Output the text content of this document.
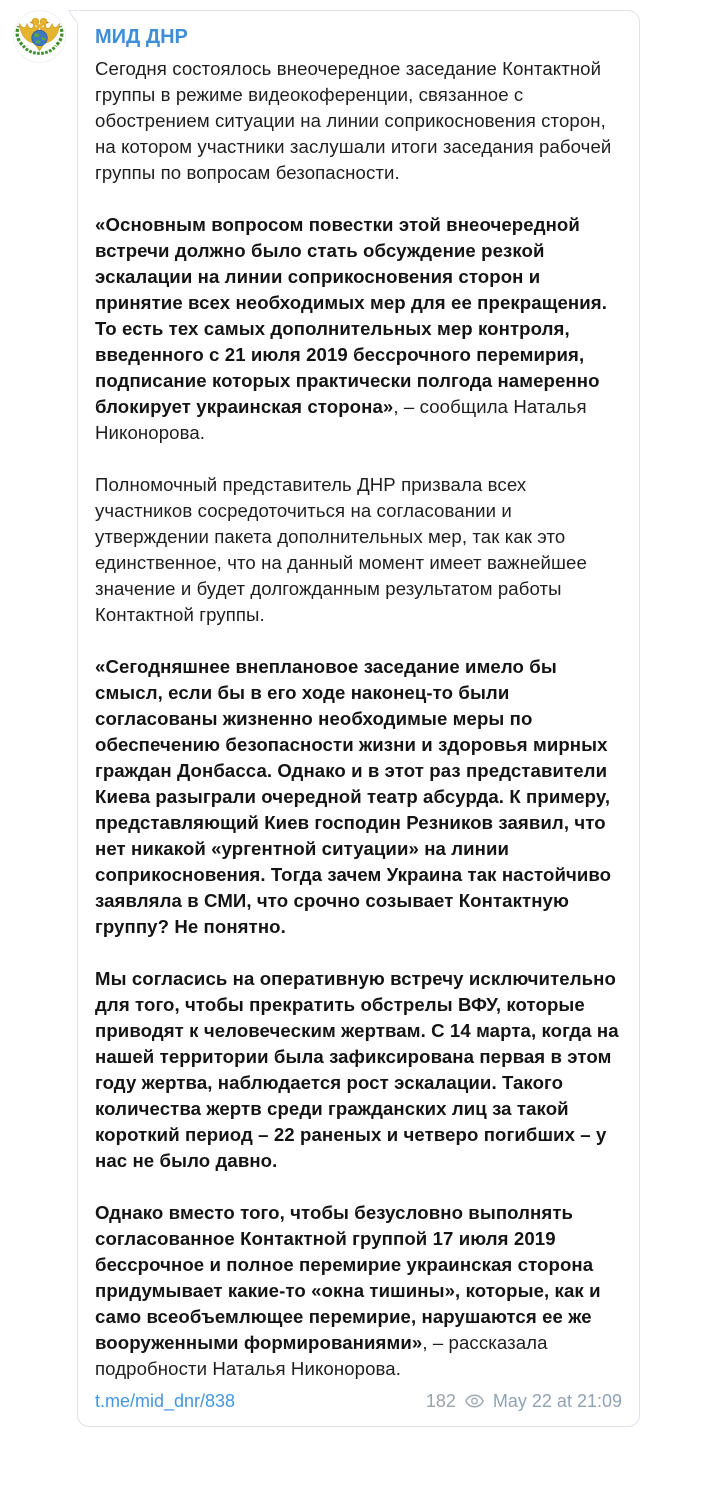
МИД ДНР

Сегодня состоялось внеочередное заседание Контактной группы в режиме видеокоференции, связанное с обострением ситуации на линии соприкосновения сторон, на котором участники заслушали итоги заседания рабочей группы по вопросам безопасности.

«Основным вопросом повестки этой внеочередной встречи должно было стать обсуждение резкой эскалации на линии соприкосновения сторон и принятие всех необходимых мер для ее прекращения. То есть тех самых дополнительных мер контроля, введенного с 21 июля 2019 бессрочного перемирия, подписание которых практически полгода намеренно блокирует украинская сторона», – сообщила Наталья Никонорова.

Полномочный представитель ДНР призвала всех участников сосредоточиться на согласовании и утверждении пакета дополнительных мер, так как это единственное, что на данный момент имеет важнейшее значение и будет долгожданным результатом работы Контактной группы.

«Сегодняшнее внеплановое заседание имело бы смысл, если бы в его ходе наконец-то были согласованы жизненно необходимые меры по обеспечению безопасности жизни и здоровья мирных граждан Донбасса. Однако и в этот раз представители Киева разыграли очередной театр абсурда. К примеру, представляющий Киев господин Резников заявил, что нет никакой «ургентной ситуации» на линии соприкосновения. Тогда зачем Украина так настойчиво заявляла в СМИ, что срочно созывает Контактную группу? Не понятно.

Мы согласись на оперативную встречу исключительно для того, чтобы прекратить обстрелы ВФУ, которые приводят к человеческим жертвам. С 14 марта, когда на нашей территории была зафиксирована первая в этом году жертва, наблюдается рост эскалации. Такого количества жертв среди гражданских лиц за такой короткий период – 22 раненых и четверо погибших – у нас не было давно.

Однако вместо того, чтобы безусловно выполнять согласованное Контактной группой 17 июля 2019 бессрочное и полное перемирие украинская сторона придумывает какие-то «окна тишины», которые, как и само всеобъемлющее перемирие, нарушаются ее же вооруженными формированиями», – рассказала подробности Наталья Никонорова.

t.me/mid_dnr/838	182 May 22 at 21:09
